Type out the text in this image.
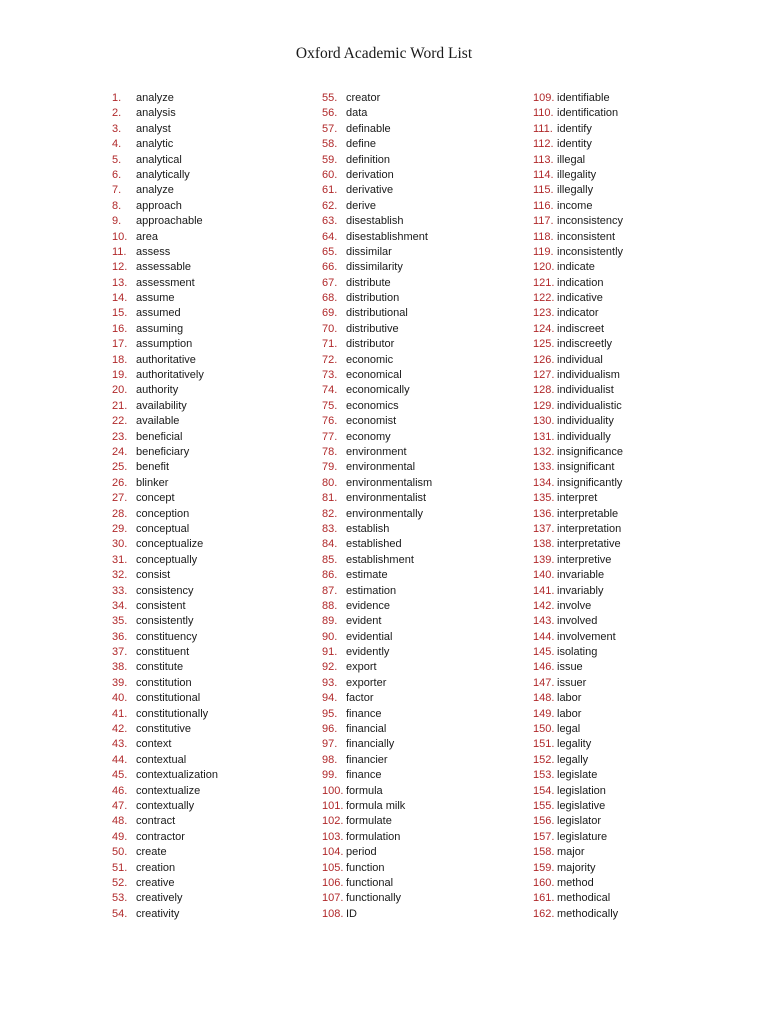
Oxford Academic Word List
1.	analyze
2.	analysis
3.	analyst
4.	analytic
5.	analytical
6.	analytically
7.	analyze
8.	approach
9.	approachable
10. area
11. assess
12. assessable
13. assessment
14. assume
15. assumed
16. assuming
17. assumption
18. authoritative
19. authoritatively
20. authority
21. availability
22. available
23. beneficial
24. beneficiary
25. benefit
26. blinker
27. concept
28. conception
29. conceptual
30. conceptualize
31. conceptually
32. consist
33. consistency
34. consistent
35. consistently
36. constituency
37. constituent
38. constitute
39. constitution
40. constitutional
41. constitutionally
42. constitutive
43. context
44. contextual
45. contextualization
46. contextualize
47. contextually
48. contract
49. contractor
50. create
51. creation
52. creative
53. creatively
54. creativity
55. creator
56. data
57. definable
58. define
59. definition
60. derivation
61. derivative
62. derive
63. disestablish
64. disestablishment
65. dissimilar
66. dissimilarity
67. distribute
68. distribution
69. distributional
70. distributive
71. distributor
72. economic
73. economical
74. economically
75. economics
76. economist
77. economy
78. environment
79. environmental
80. environmentalism
81. environmentalist
82. environmentally
83. establish
84. established
85. establishment
86. estimate
87. estimation
88. evidence
89. evident
90. evidential
91. evidently
92. export
93. exporter
94. factor
95. finance
96. financial
97. financially
98. financier
99. finance
100. formula
101. formula milk
102. formulate
103. formulation
104. period
105. function
106. functional
107. functionally
108. ID
109. identifiable
110. identification
111. identify
112. identity
113. illegal
114. illegality
115. illegally
116. income
117. inconsistency
118. inconsistent
119. inconsistently
120. indicate
121. indication
122. indicative
123. indicator
124. indiscreet
125. indiscreetly
126. individual
127. individualism
128. individualist
129. individualistic
130. individuality
131. individually
132. insignificance
133. insignificant
134. insignificantly
135. interpret
136. interpretable
137. interpretation
138. interpretative
139. interpretive
140. invariable
141. invariably
142. involve
143. involved
144. involvement
145. isolating
146. issue
147. issuer
148. labor
149. labor
150. legal
151. legality
152. legally
153. legislate
154. legislation
155. legislative
156. legislator
157. legislature
158. major
159. majority
160. method
161. methodical
162. methodically
